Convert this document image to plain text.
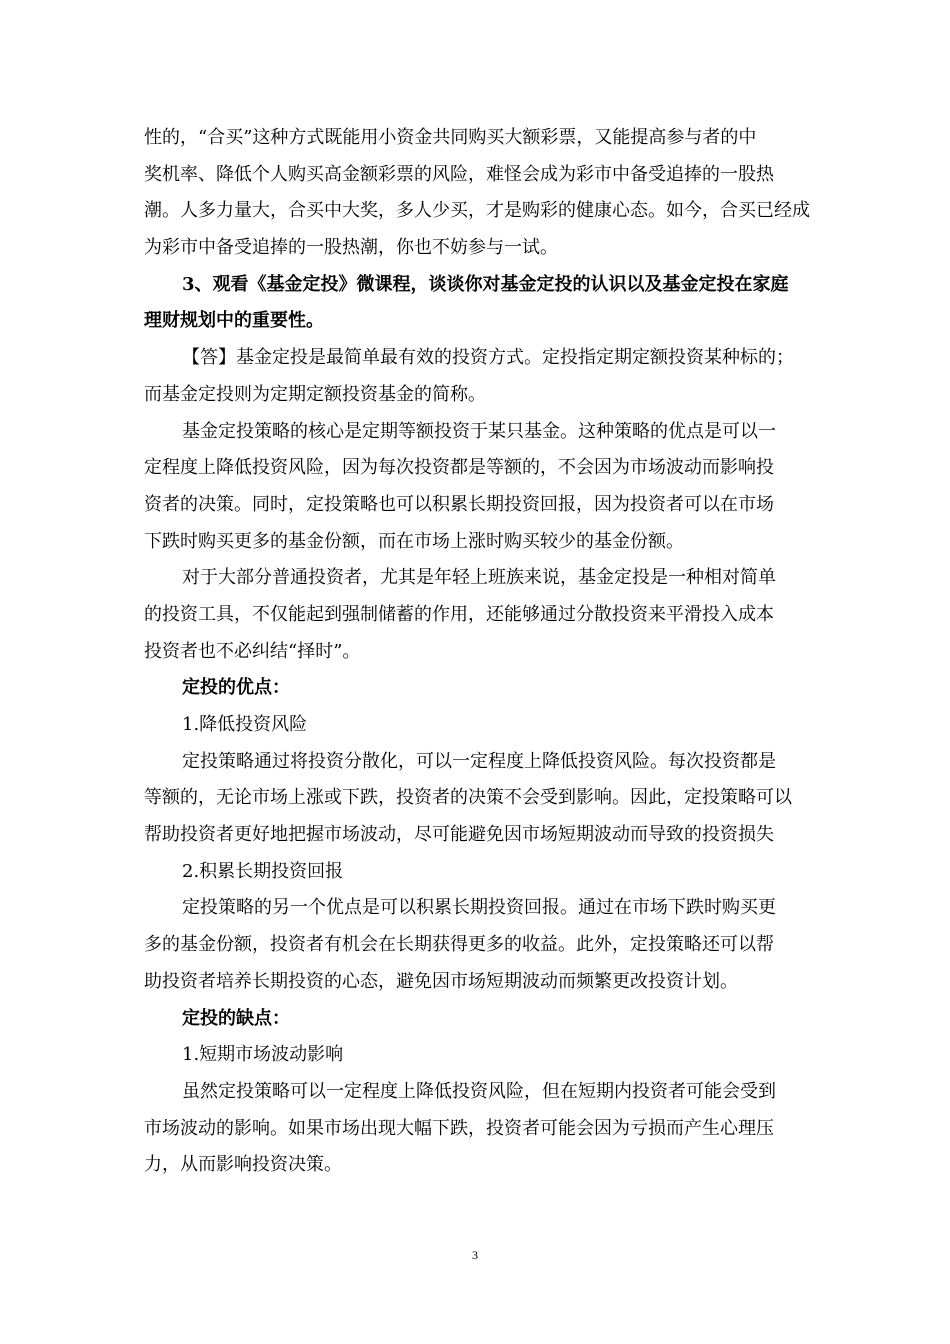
性的，“合买”这种方式既能用小资金共同购买大额彩票，又能提高参与者的中
奖机率、降低个人购买高金额彩票的风险，难怪会成为彩市中备受追捧的一股热
潮。人多力量大，合买中大奖，多人少买，才是购彩的健康心态。如今，合买已经成
为彩市中备受追捧的一股热潮，你也不妨参与一试。
3、观看《基金定投》微课程，谈谈你对基金定投的认识以及基金定投在家庭
理财规划中的重要性。
【答】基金定投是最简单最有效的投资方式。定投指定期定额投资某种标的；
而基金定投则为定期定额投资基金的简称。
基金定投策略的核心是定期等额投资于某只基金。这种策略的优点是可以一
定程度上降低投资风险，因为每次投资都是等额的，不会因为市场波动而影响投
资者的决策。同时，定投策略也可以积累长期投资回报，因为投资者可以在市场
下跌时购买更多的基金份额，而在市场上涨时购买较少的基金份额。
对于大部分普通投资者，尤其是年轻上班族来说，基金定投是一种相对简单
的投资工具，不仅能起到强制储蓄的作用，还能够通过分散投资来平滑投入成本
投资者也不必纠结“择时”。
定投的优点：
1.降低投资风险
定投策略通过将投资分散化，可以一定程度上降低投资风险。每次投资都是
等额的，无论市场上涨或下跌，投资者的决策不会受到影响。因此，定投策略可以
帮助投资者更好地把握市场波动，尽可能避免因市场短期波动而导致的投资损失
2.积累长期投资回报
定投策略的另一个优点是可以积累长期投资回报。通过在市场下跌时购买更
多的基金份额，投资者有机会在长期获得更多的收益。此外，定投策略还可以帮
助投资者培养长期投资的心态，避免因市场短期波动而频繁更改投资计划。
定投的缺点：
1.短期市场波动影响
虽然定投策略可以一定程度上降低投资风险，但在短期内投资者可能会受到
市场波动的影响。如果市场出现大幅下跌，投资者可能会因为亏损而产生心理压
力，从而影响投资决策。
3
